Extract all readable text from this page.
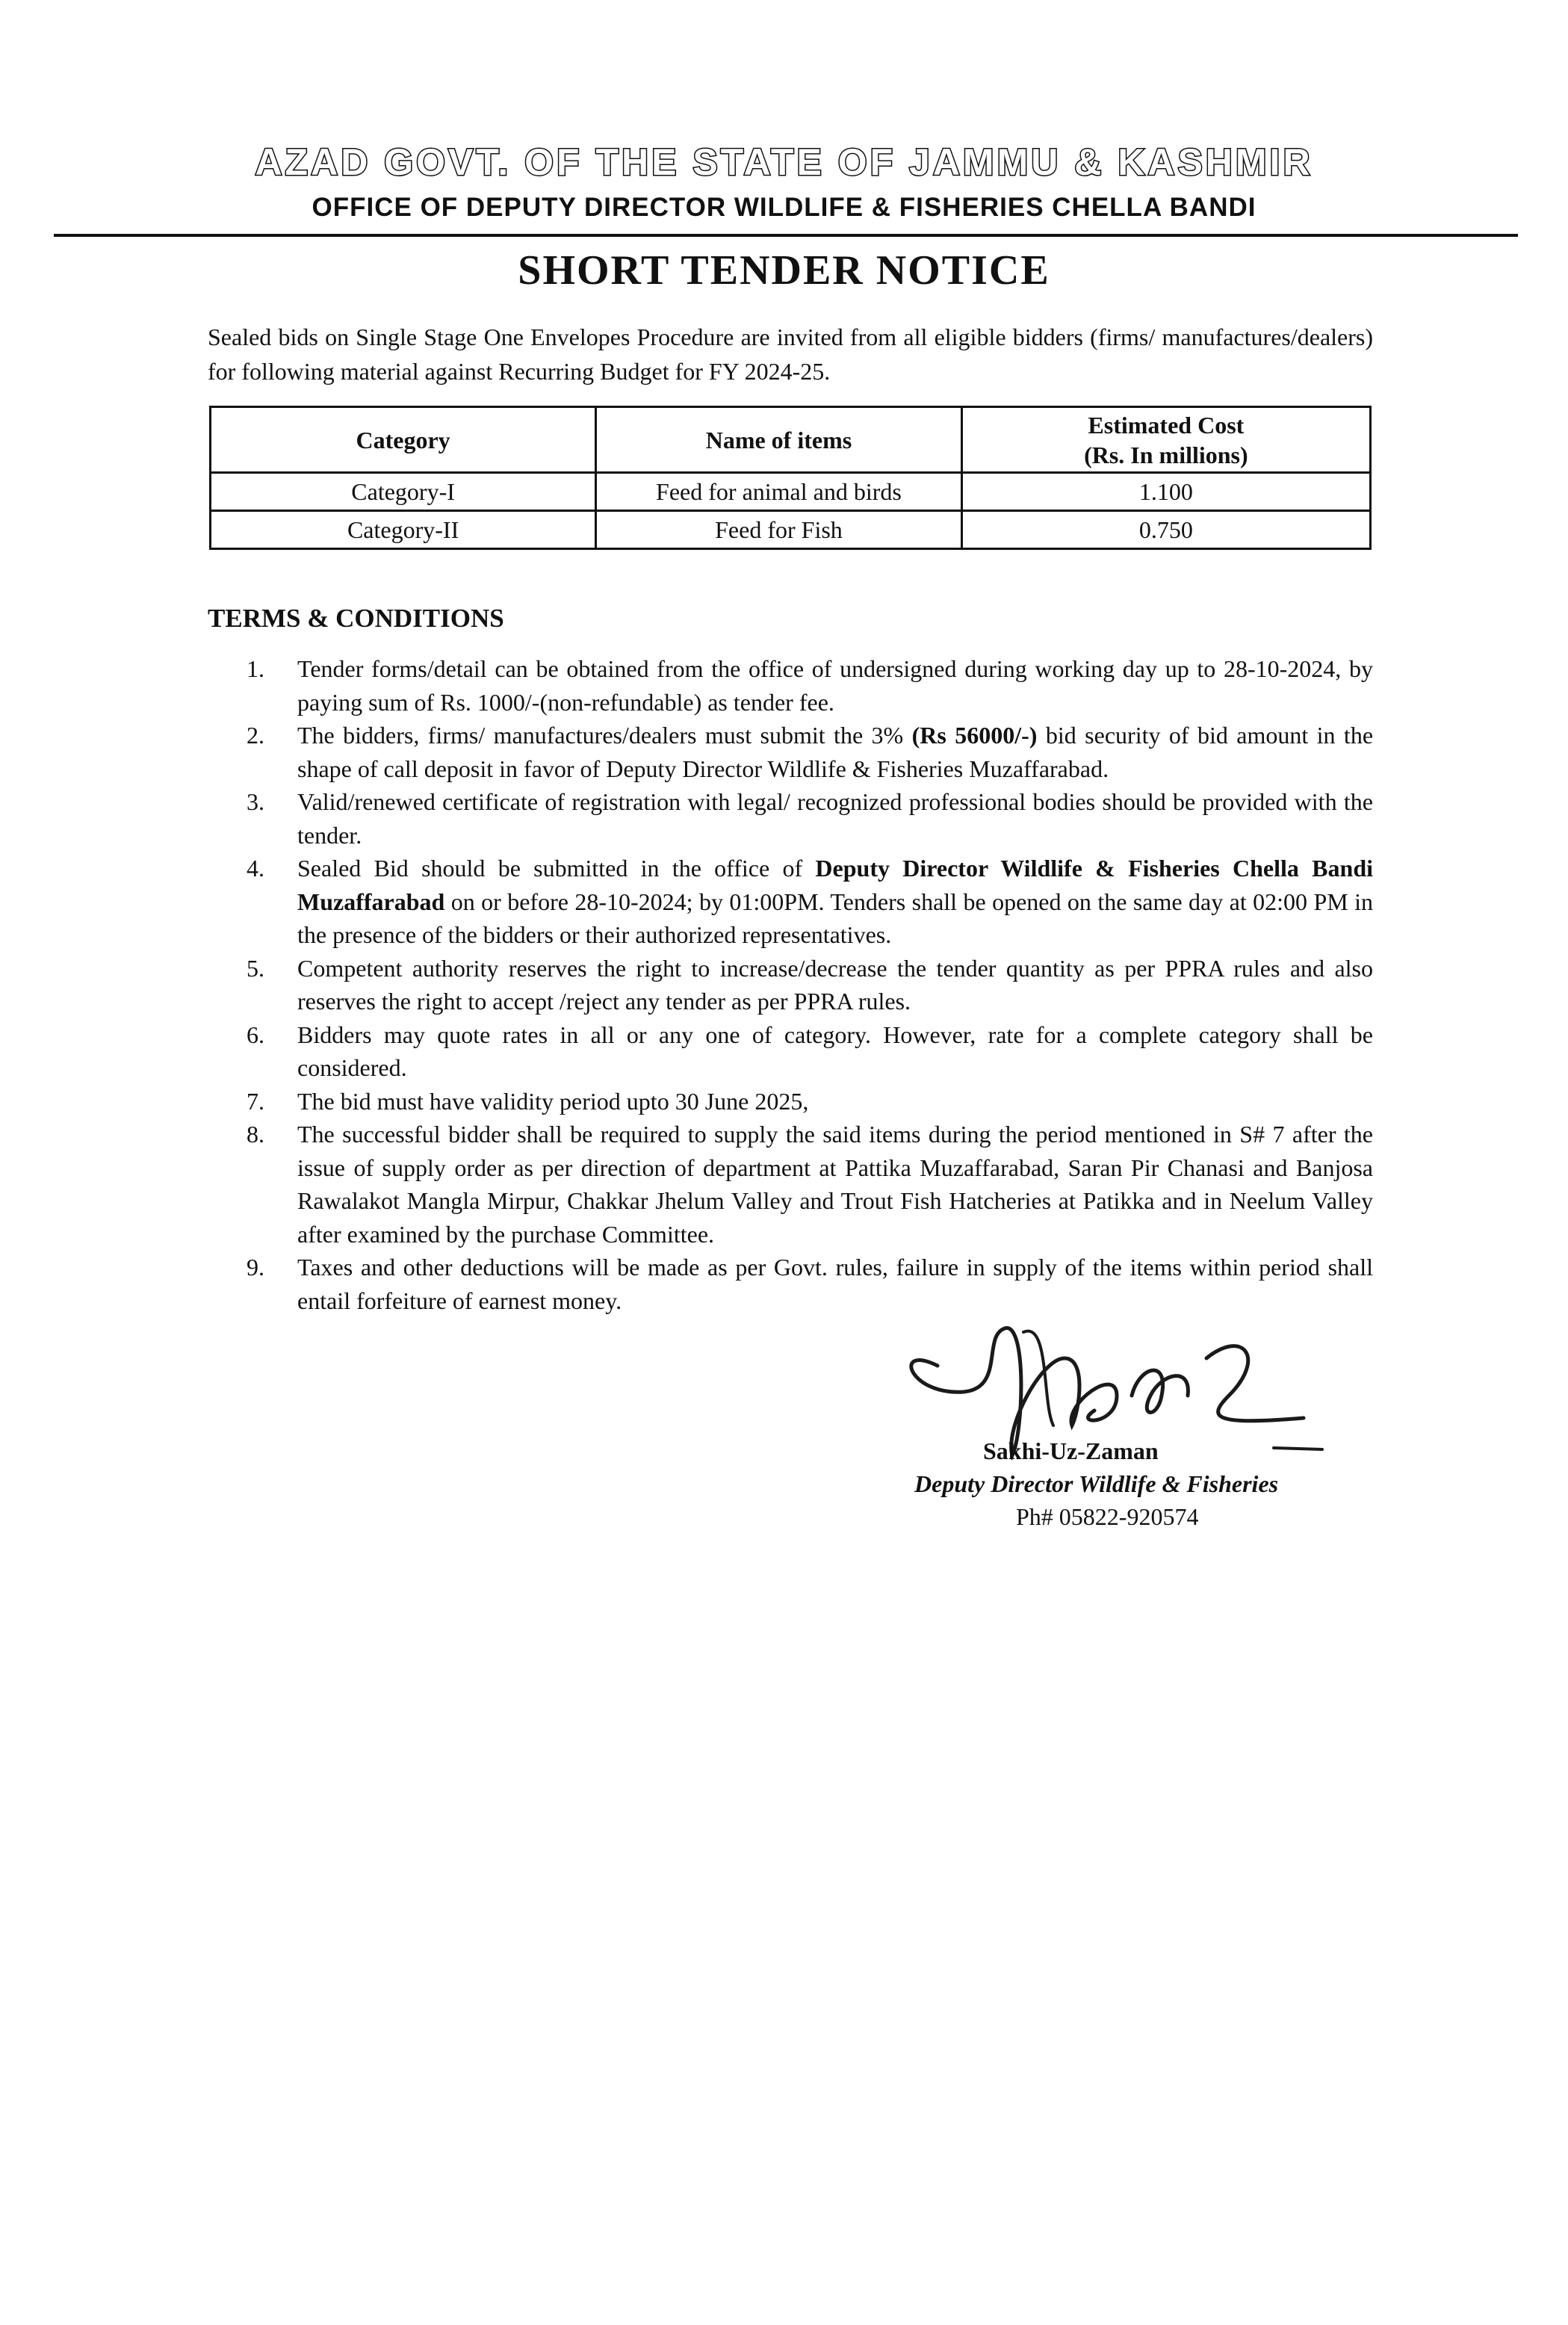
AZAD GOVT. OF THE STATE OF JAMMU & KASHMIR
OFFICE OF DEPUTY DIRECTOR WILDLIFE & FISHERIES CHELLA BANDI
SHORT TENDER NOTICE
Sealed bids on Single Stage One Envelopes Procedure are invited from all eligible bidders (firms/ manufactures/dealers) for following material against Recurring Budget for FY 2024-25.
Category	Name of items	Estimated Cost
(Rs. In millions)
Category-I	Feed for animal and birds	1.100
Category-II	Feed for Fish	0.750
TERMS & CONDITIONS
1.	Tender forms/detail can be obtained from the office of undersigned during working day up to 28-10-2024, by paying sum of Rs. 1000/-(non-refundable) as tender fee.
2.	The bidders, firms/ manufactures/dealers must submit the 3% (Rs 56000/-) bid security of bid amount in the shape of call deposit in favor of Deputy Director Wildlife & Fisheries Muzaffarabad.
3.	Valid/renewed certificate of registration with legal/ recognized professional bodies should be provided with the tender.
4.	Sealed Bid should be submitted in the office of Deputy Director Wildlife & Fisheries Chella Bandi Muzaffarabad on or before 28-10-2024; by 01:00PM. Tenders shall be opened on the same day at 02:00 PM in the presence of the bidders or their authorized representatives.
5.	Competent authority reserves the right to increase/decrease the tender quantity as per PPRA rules and also reserves the right to accept /reject any tender as per PPRA rules.
6.	Bidders may quote rates in all or any one of category. However, rate for a complete category shall be considered.
7.	The bid must have validity period upto 30 June 2025,
8.	The successful bidder shall be required to supply the said items during the period mentioned in S# 7 after the issue of supply order as per direction of department at Pattika Muzaffarabad, Saran Pir Chanasi and Banjosa Rawalakot Mangla Mirpur, Chakkar Jhelum Valley and Trout Fish Hatcheries at Patikka and in Neelum Valley after examined by the purchase Committee.
9.	Taxes and other deductions will be made as per Govt. rules, failure in supply of the items within period shall entail forfeiture of earnest money.
Sakhi-Uz-Zaman
Deputy Director Wildlife & Fisheries
Ph# 05822-920574
